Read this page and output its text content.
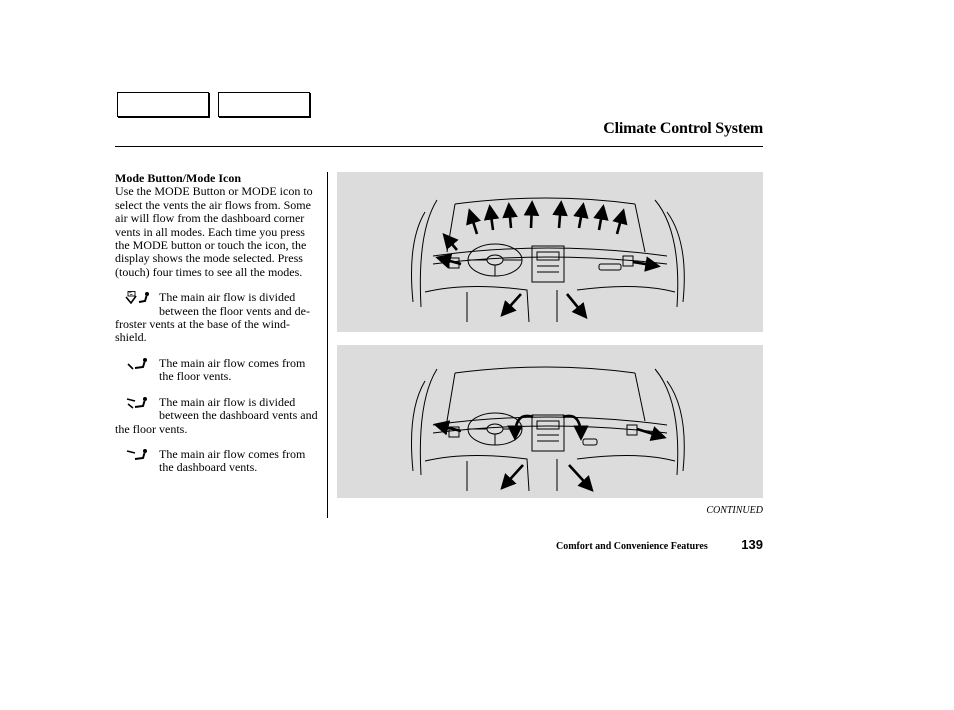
Climate Control System
Mode Button/Mode Icon
Use the MODE Button or MODE icon to select the vents the air flows from. Some air will flow from the dashboard corner vents in all modes. Each time you press the MODE button or touch the icon, the display shows the mode selected. Press (touch) four times to see all the modes.
The main air flow is divided between the floor vents and de-froster vents at the base of the wind-shield.
The main air flow comes from the floor vents.
The main air flow is divided between the dashboard vents and the floor vents.
The main air flow comes from the dashboard vents.
CONTINUED
Comfort and Convenience Features	139
